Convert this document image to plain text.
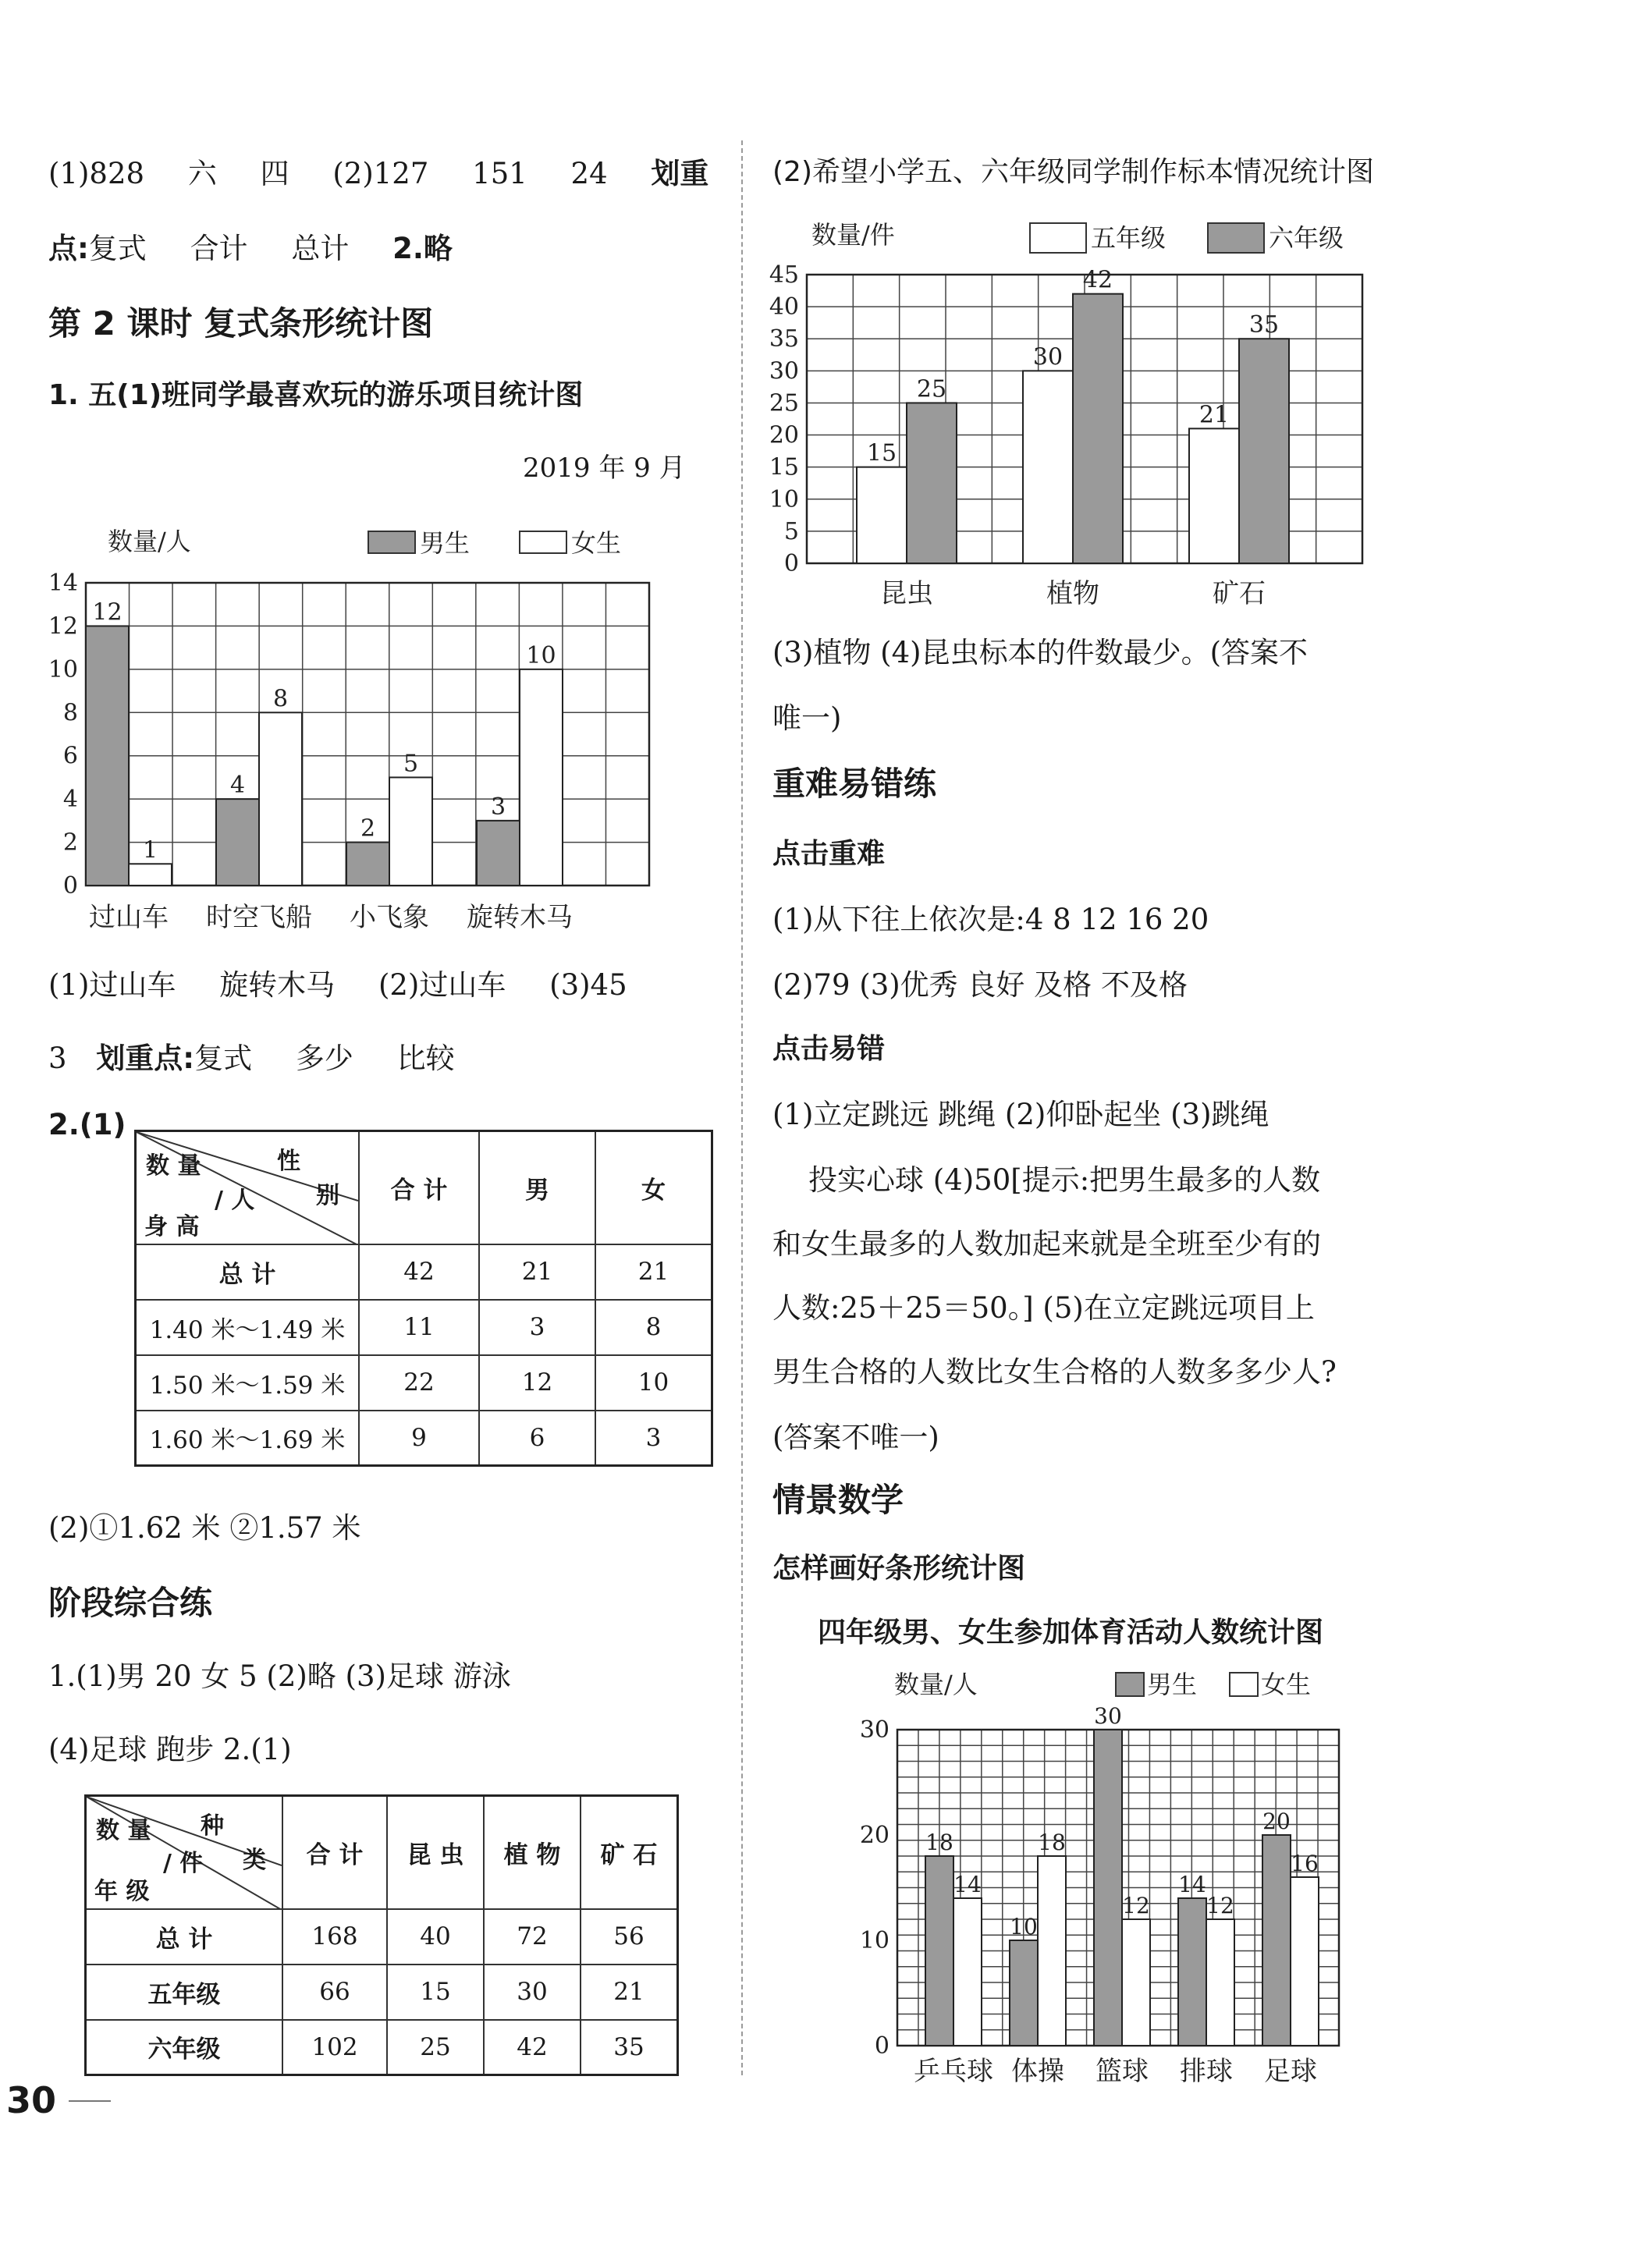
(1)828 六 四 (2)127 151 24 划重
点:复式 合计 总计 2.略
第 2 课时 复式条形统计图
1. 五(1)班同学最喜欢玩的游乐项目统计图
2019 年 9 月
数量/人	男生	女生
0
2
4
6
8
10
12
14
12
1
4
8
2
5
3
10
过山车 时空飞船 小飞象 旋转木马
(1)过山车 旋转木马 (2)过山车 (3)45
3 划重点:复式 多少 比较
2.(1)
性
别
数 量
/ 人
身 高	合 计	男	女
总 计	42	21	21
1.40 米～1.49 米	11	3	8
1.50 米～1.59 米	22	12	10
1.60 米～1.69 米	9	6	3
(2)①1.62 米 ②1.57 米
阶段综合练
1.(1)男 20 女 5 (2)略 (3)足球 游泳
(4)足球 跑步 2.(1)
种
类
数 量
/ 件
年 级	合 计	昆 虫	植 物	矿 石
总 计	168	40	72	56
五年级	66	15	30	21
六年级	102	25	42	35
30
(2)希望小学五、六年级同学制作标本情况统计图
数量/件	五年级	六年级
0
5
10
15
20
25
30
35
40
45
15
25
30
42
21
35
昆虫	植物	矿石
(3)植物 (4)昆虫标本的件数最少。(答案不
唯一)
重难易错练
点击重难
(1)从下往上依次是:4 8 12 16 20
(2)79 (3)优秀 良好 及格 不及格
点击易错
(1)立定跳远 跳绳 (2)仰卧起坐 (3)跳绳
投实心球 (4)50[提示:把男生最多的人数
和女生最多的人数加起来就是全班至少有的
人数:25＋25＝50。] (5)在立定跳远项目上
男生合格的人数比女生合格的人数多多少人?
(答案不唯一)
情景数学
怎样画好条形统计图
四年级男、女生参加体育活动人数统计图
数量/人	男生	女生
0
10
20
30
18
14
10
18
30
12
14
12
20
16
乒乓球 体操 篮球 排球 足球
